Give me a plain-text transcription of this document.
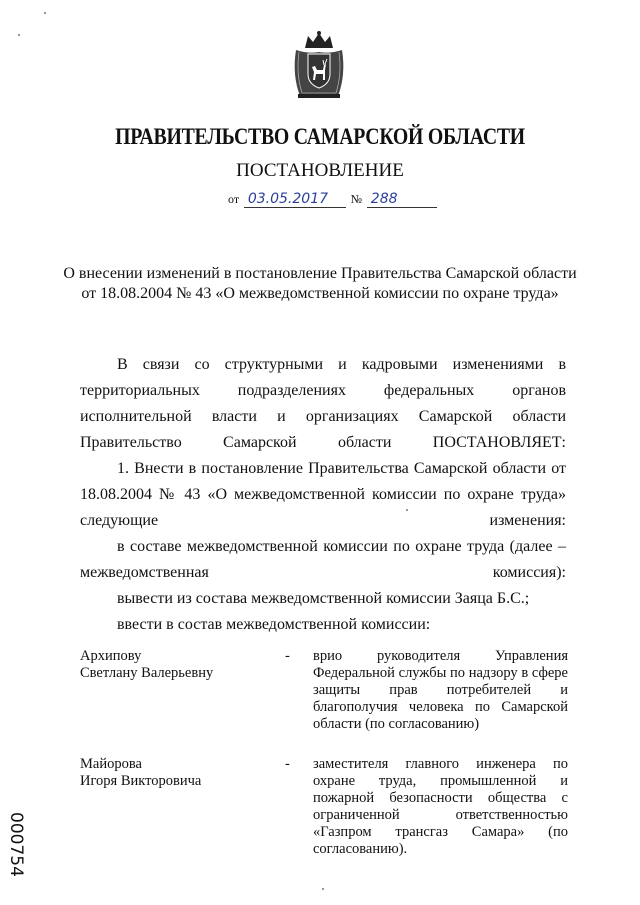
ПРАВИТЕЛЬСТВО САМАРСКОЙ ОБЛАСТИ
ПОСТАНОВЛЕНИЕ
от 03.05.2017 № 288
О внесении изменений в постановление Правительства Самарской области
от 18.08.2004 № 43 «О межведомственной комиссии по охране труда»

В связи со структурными и кадровыми изменениями в территориальных подразделениях федеральных органов исполнительной власти и организациях Самарской области Правительство Самарской области ПОСТАНОВЛЯЕТ:

1. Внести в постановление Правительства Самарской области от 18.08.2004 № 43 «О межведомственной комиссии по охране труда» следующие изменения:

в составе межведомственной комиссии по охране труда (далее – межведомственная комиссия):

вывести из состава межведомственной комиссии Заяца Б.С.;

ввести в состав межведомственной комиссии:

Архипову
Светлану Валерьевну
- врио руководителя Управления Федеральной службы по надзору в сфере защиты прав потребителей и благополучия человека по Самарской области (по согласованию)
Майорова
Игоря Викторовича
- заместителя главного инженера по охране труда, промышленной и пожарной безопасности общества с ограниченной ответственностью «Газпром трансгаз Самара» (по согласованию).
000754
